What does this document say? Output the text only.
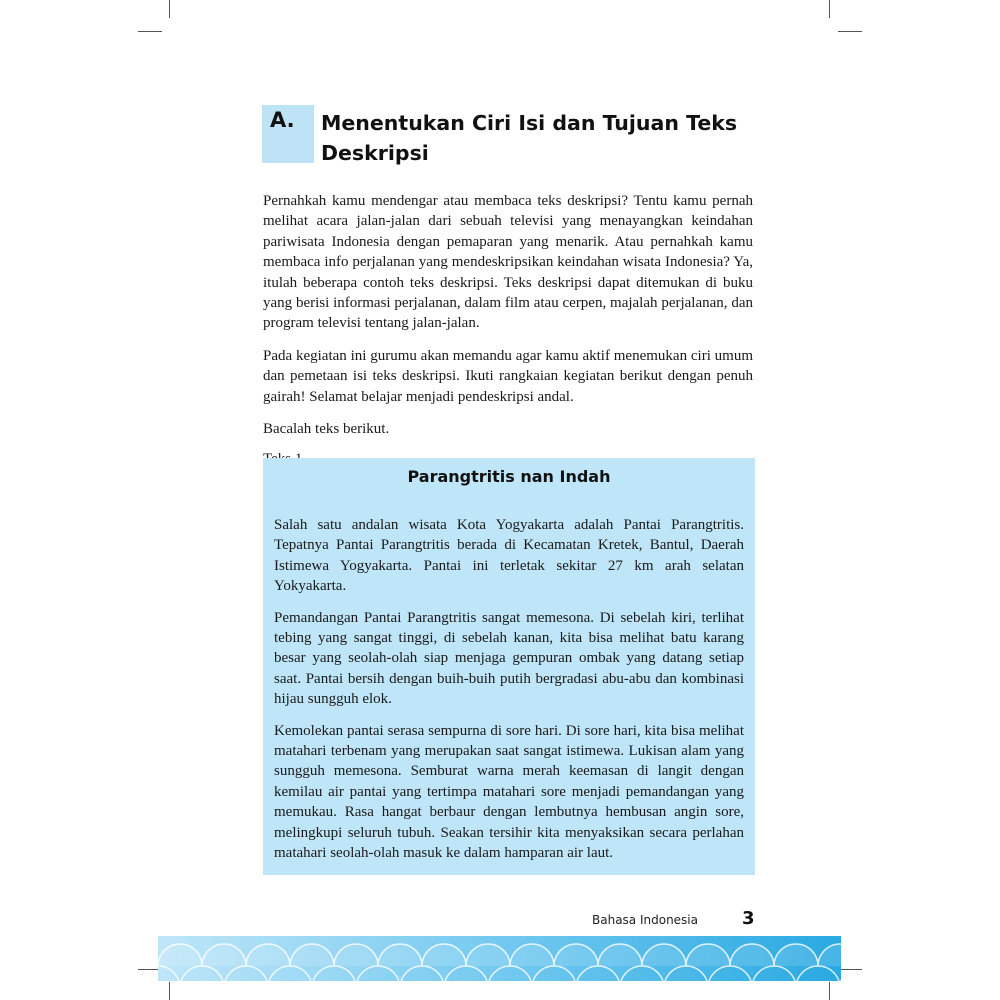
A. Menentukan Ciri Isi dan Tujuan Teks Deskripsi

Pernahkah kamu mendengar atau membaca teks deskripsi? Tentu kamu pernah melihat acara jalan-jalan dari sebuah televisi yang menayangkan keindahan pariwisata Indonesia dengan pemaparan yang menarik. Atau pernahkah kamu membaca info perjalanan yang mendeskripsikan keindahan wisata Indonesia? Ya, itulah beberapa contoh teks deskripsi. Teks deskripsi dapat ditemukan di buku yang berisi informasi perjalanan, dalam film atau cerpen, majalah perjalanan, dan program televisi tentang jalan-jalan.

Pada kegiatan ini gurumu akan memandu agar kamu aktif menemukan ciri umum dan pemetaan isi teks deskripsi. Ikuti rangkaian kegiatan berikut dengan penuh gairah! Selamat belajar menjadi pendeskripsi andal.

Bacalah teks berikut.

Parangtritis nan Indah

Salah satu andalan wisata Kota Yogyakarta adalah Pantai Parangtritis. Tepatnya Pantai Parangtritis berada di Kecamatan Kretek, Bantul, Daerah Istimewa Yogyakarta. Pantai ini terletak sekitar 27 km arah selatan Yokyakarta.

Pemandangan Pantai Parangtritis sangat memesona. Di sebelah kiri, terlihat tebing yang sangat tinggi, di sebelah kanan, kita bisa melihat batu karang besar yang seolah-olah siap menjaga gempuran ombak yang datang setiap saat. Pantai bersih dengan buih-buih putih bergradasi abu-abu dan kombinasi hijau sungguh elok.

Kemolekan pantai serasa sempurna di sore hari. Di sore hari, kita bisa melihat matahari terbenam yang merupakan saat sangat istimewa. Lukisan alam yang sungguh memesona. Semburat warna merah keemasan di langit dengan kemilau air pantai yang tertimpa matahari sore menjadi pemandangan yang memukau. Rasa hangat berbaur dengan lembutnya hembusan angin sore, melingkupi seluruh tubuh. Seakan tersihir kita menyaksikan secara perlahan matahari seolah-olah masuk ke dalam hamparan air laut.

Bahasa Indonesia 3
